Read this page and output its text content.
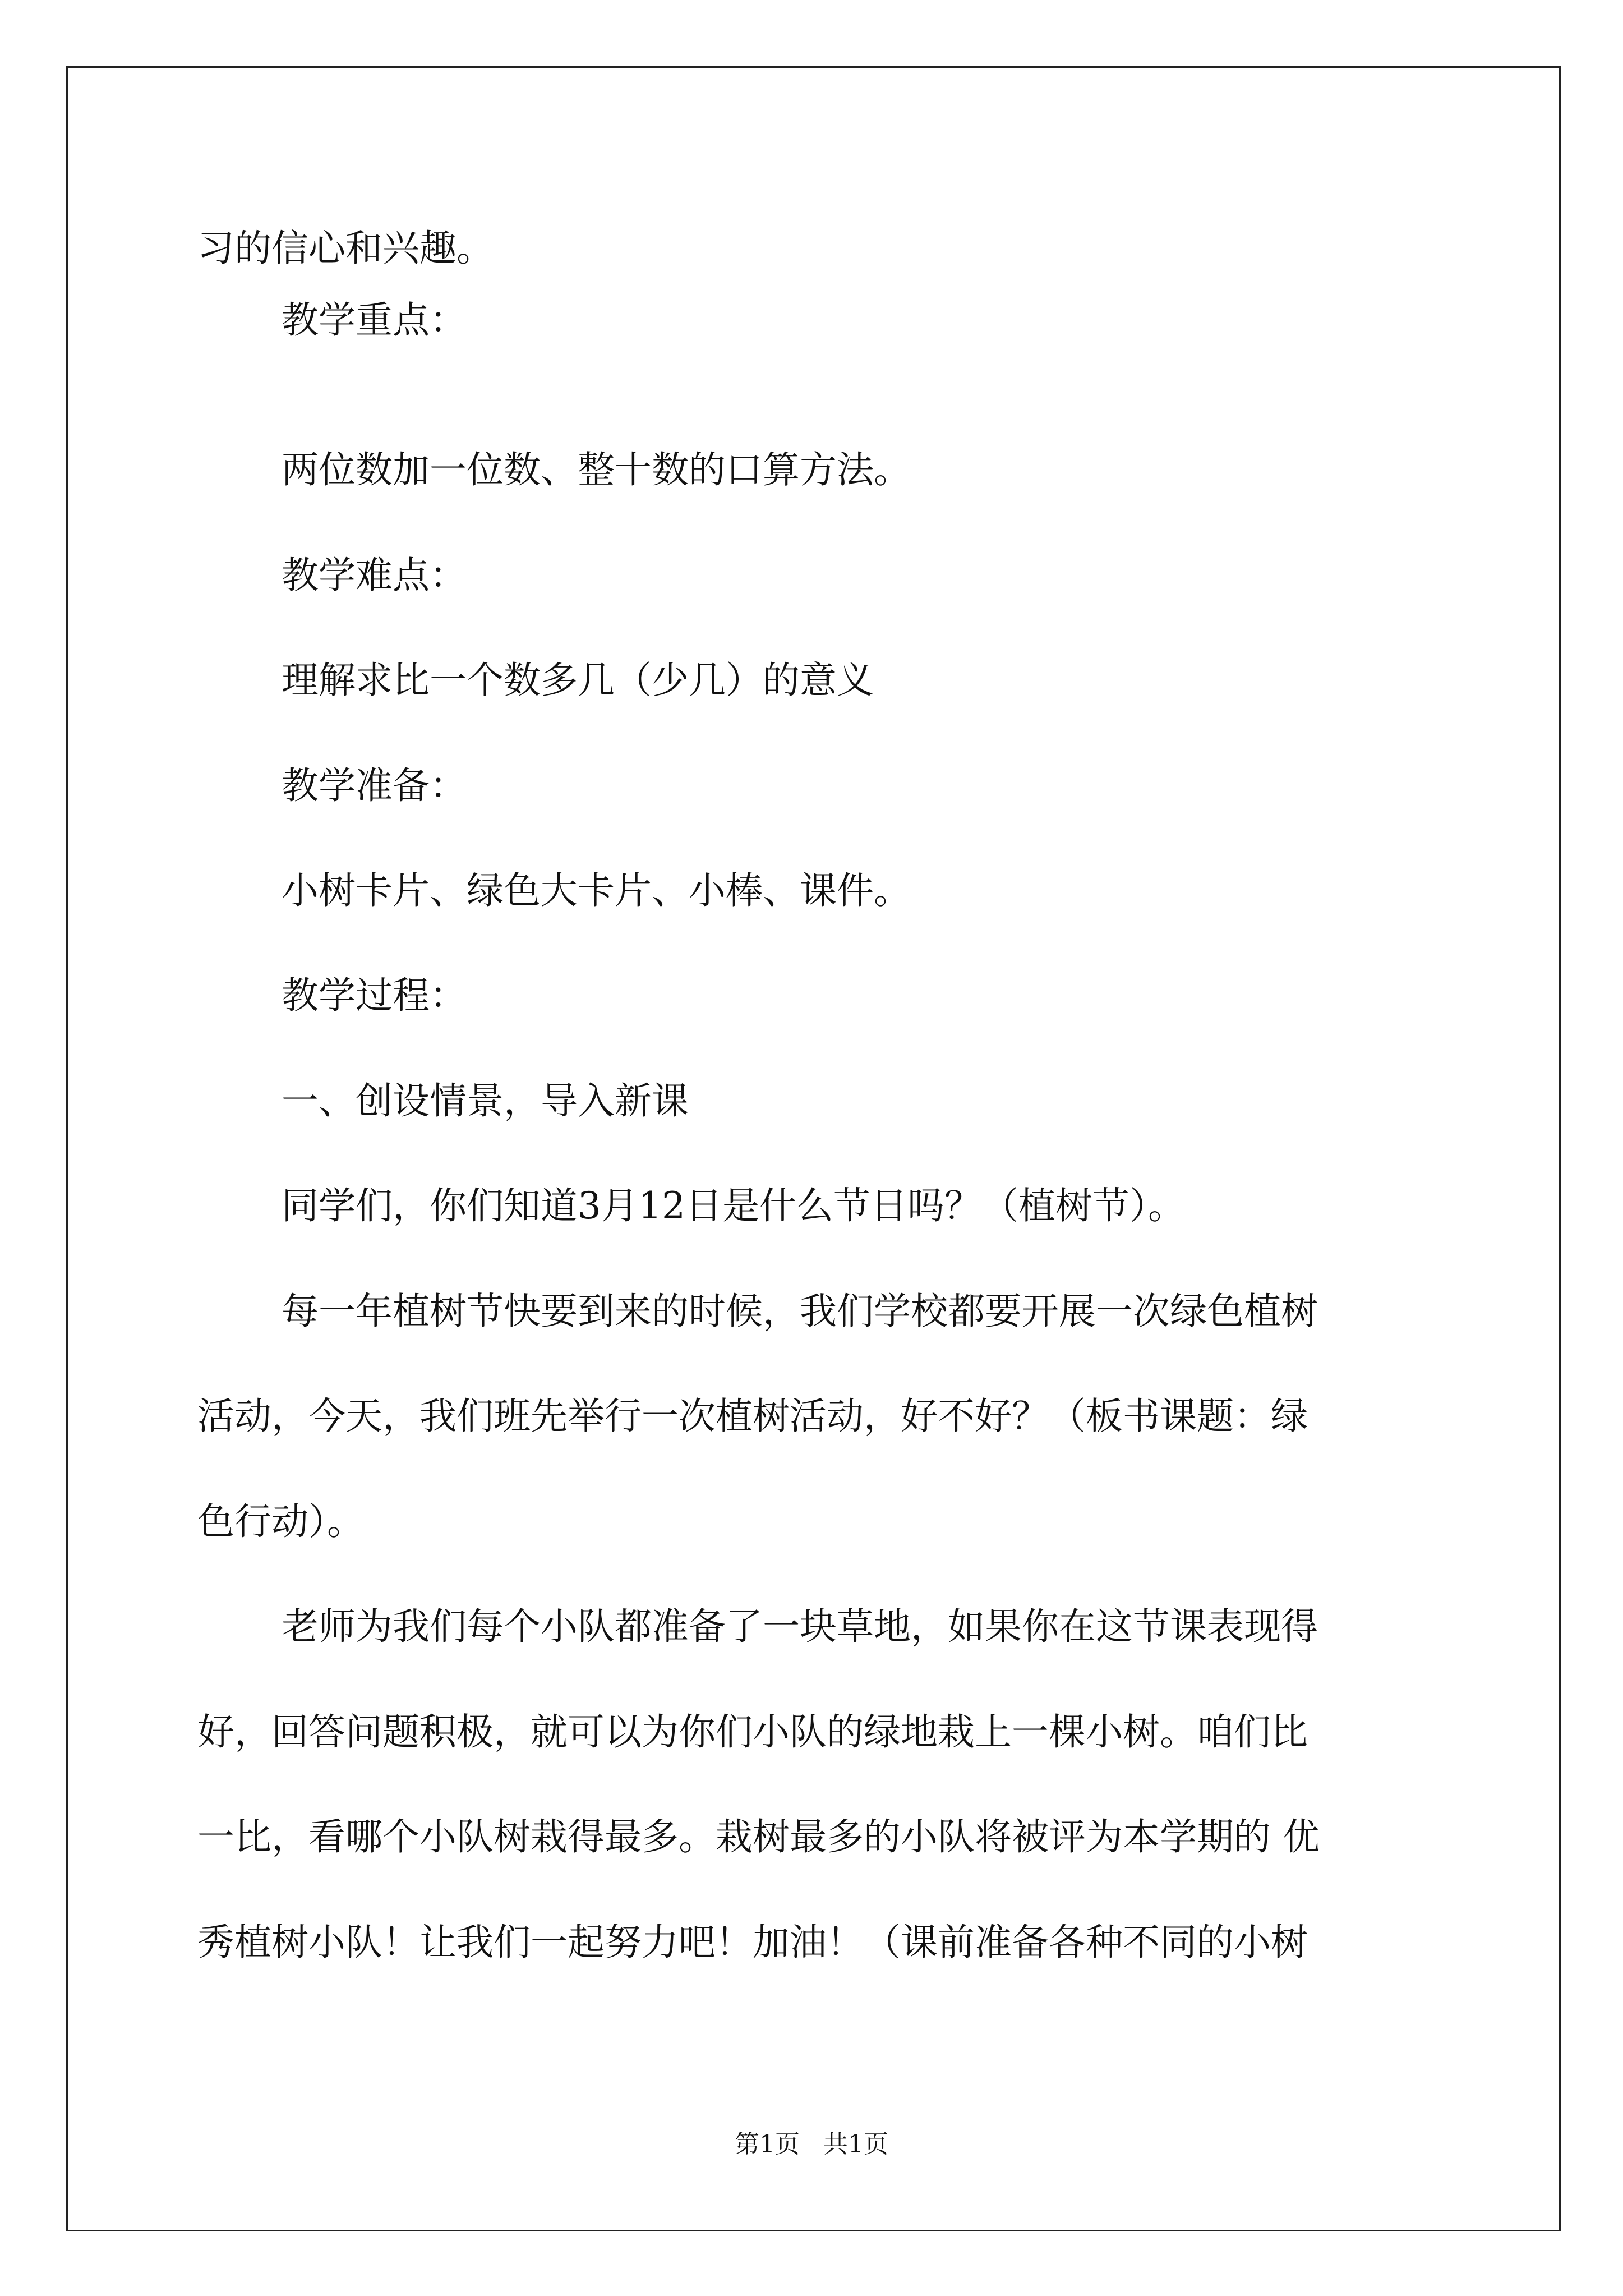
习的信心和兴趣。
教学重点：
两位数加一位数、整十数的口算方法。
教学难点：
理解求比一个数多几（少几）的意义
教学准备：
小树卡片、绿色大卡片、小棒、课件。
教学过程：
一、创设情景，导入新课
同学们，你们知道3月12日是什么节日吗？（植树节）。
每一年植树节快要到来的时候，我们学校都要开展一次绿色植树
活动，今天，我们班先举行一次植树活动，好不好？（板书课题：绿
色行动）。
老师为我们每个小队都准备了一块草地，如果你在这节课表现得
好，回答问题积极，就可以为你们小队的绿地栽上一棵小树。咱们比
一比，看哪个小队树栽得最多。栽树最多的小队将被评为本学期的 优
秀植树小队！让我们一起努力吧！加油！（课前准备各种不同的小树
第1页   共1页
